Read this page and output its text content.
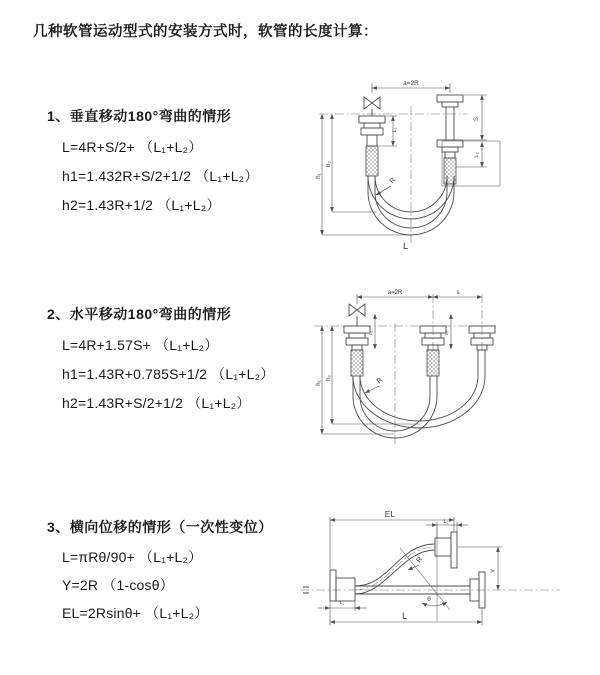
几种软管运动型式的安装方式时，软管的长度计算：
1、垂直移动180°弯曲的情形
L=4R+S/2+ （L₁+L₂）
h1=1.432R+S/2+1/2 （L₁+L₂）
h2=1.43R+1/2 （L₁+L₂）
2、水平移动180°弯曲的情形
L=4R+1.57S+ （L₁+L₂）
h1=1.43R+0.785S+1/2 （L₁+L₂）
h2=1.43R+S/2+1/2 （L₁+L₂）
3、横向位移的情形（一次性变位）
L=πRθ/90+ （L₁+L₂）
Y=2R （1-cosθ）
EL=2Rsinθ+ （L₁+L₂）
a=2R
L₁
S
L₂
h₁
h₂
R
L
a=2R	s
L₁	L₂
h₁
h₂	R
EL
L₂
Y
R
θ
L
L₁
